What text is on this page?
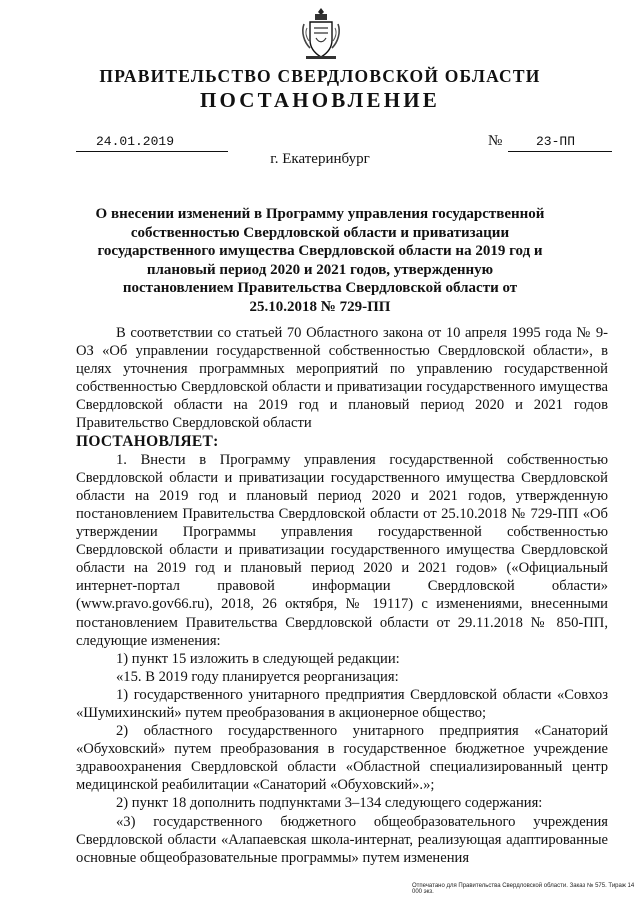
ПРАВИТЕЛЬСТВО СВЕРДЛОВСКОЙ ОБЛАСТИ
ПОСТАНОВЛЕНИЕ
24.01.2019	№	23-ПП
г. Екатеринбург
О внесении изменений в Программу управления государственной собственностью Свердловской области и приватизации государственного имущества Свердловской области на 2019 год и плановый период 2020 и 2021 годов, утвержденную постановлением Правительства Свердловской области от 25.10.2018 № 729-ПП

В соответствии со статьей 70 Областного закона от 10 апреля 1995 года № 9-ОЗ «Об управлении государственной собственностью Свердловской области», в целях уточнения программных мероприятий по управлению государственной собственностью Свердловской области и приватизации государственного имущества Свердловской области на 2019 год и плановый период 2020 и 2021 годов Правительство Свердловской области

ПОСТАНОВЛЯЕТ:

1. Внести в Программу управления государственной собственностью Свердловской области и приватизации государственного имущества Свердловской области на 2019 год и плановый период 2020 и 2021 годов, утвержденную постановлением Правительства Свердловской области от 25.10.2018 № 729-ПП «Об утверждении Программы управления государственной собственностью Свердловской области и приватизации государственного имущества Свердловской области на 2019 год и плановый период 2020 и 2021 годов» («Официальный интернет-портал правовой информации Свердловской области» (www.pravo.gov66.ru), 2018, 26 октября, № 19117) с изменениями, внесенными постановлением Правительства Свердловской области от 29.11.2018 № 850-ПП, следующие изменения:

1) пункт 15 изложить в следующей редакции:

«15. В 2019 году планируется реорганизация:

1) государственного унитарного предприятия Свердловской области «Совхоз «Шумихинский» путем преобразования в акционерное общество;

2) областного государственного унитарного предприятия «Санаторий «Обуховский» путем преобразования в государственное бюджетное учреждение здравоохранения Свердловской области «Областной специализированный центр медицинской реабилитации «Санаторий «Обуховский».»;

2) пункт 18 дополнить подпунктами 3–134 следующего содержания:

«3) государственного бюджетного общеобразовательного учреждения Свердловской области «Алапаевская школа-интернат, реализующая адаптированные основные общеобразовательные программы» путем изменения

Отпечатано для Правительства Свердловской области. Заказ № 575. Тираж 14 000 экз.
